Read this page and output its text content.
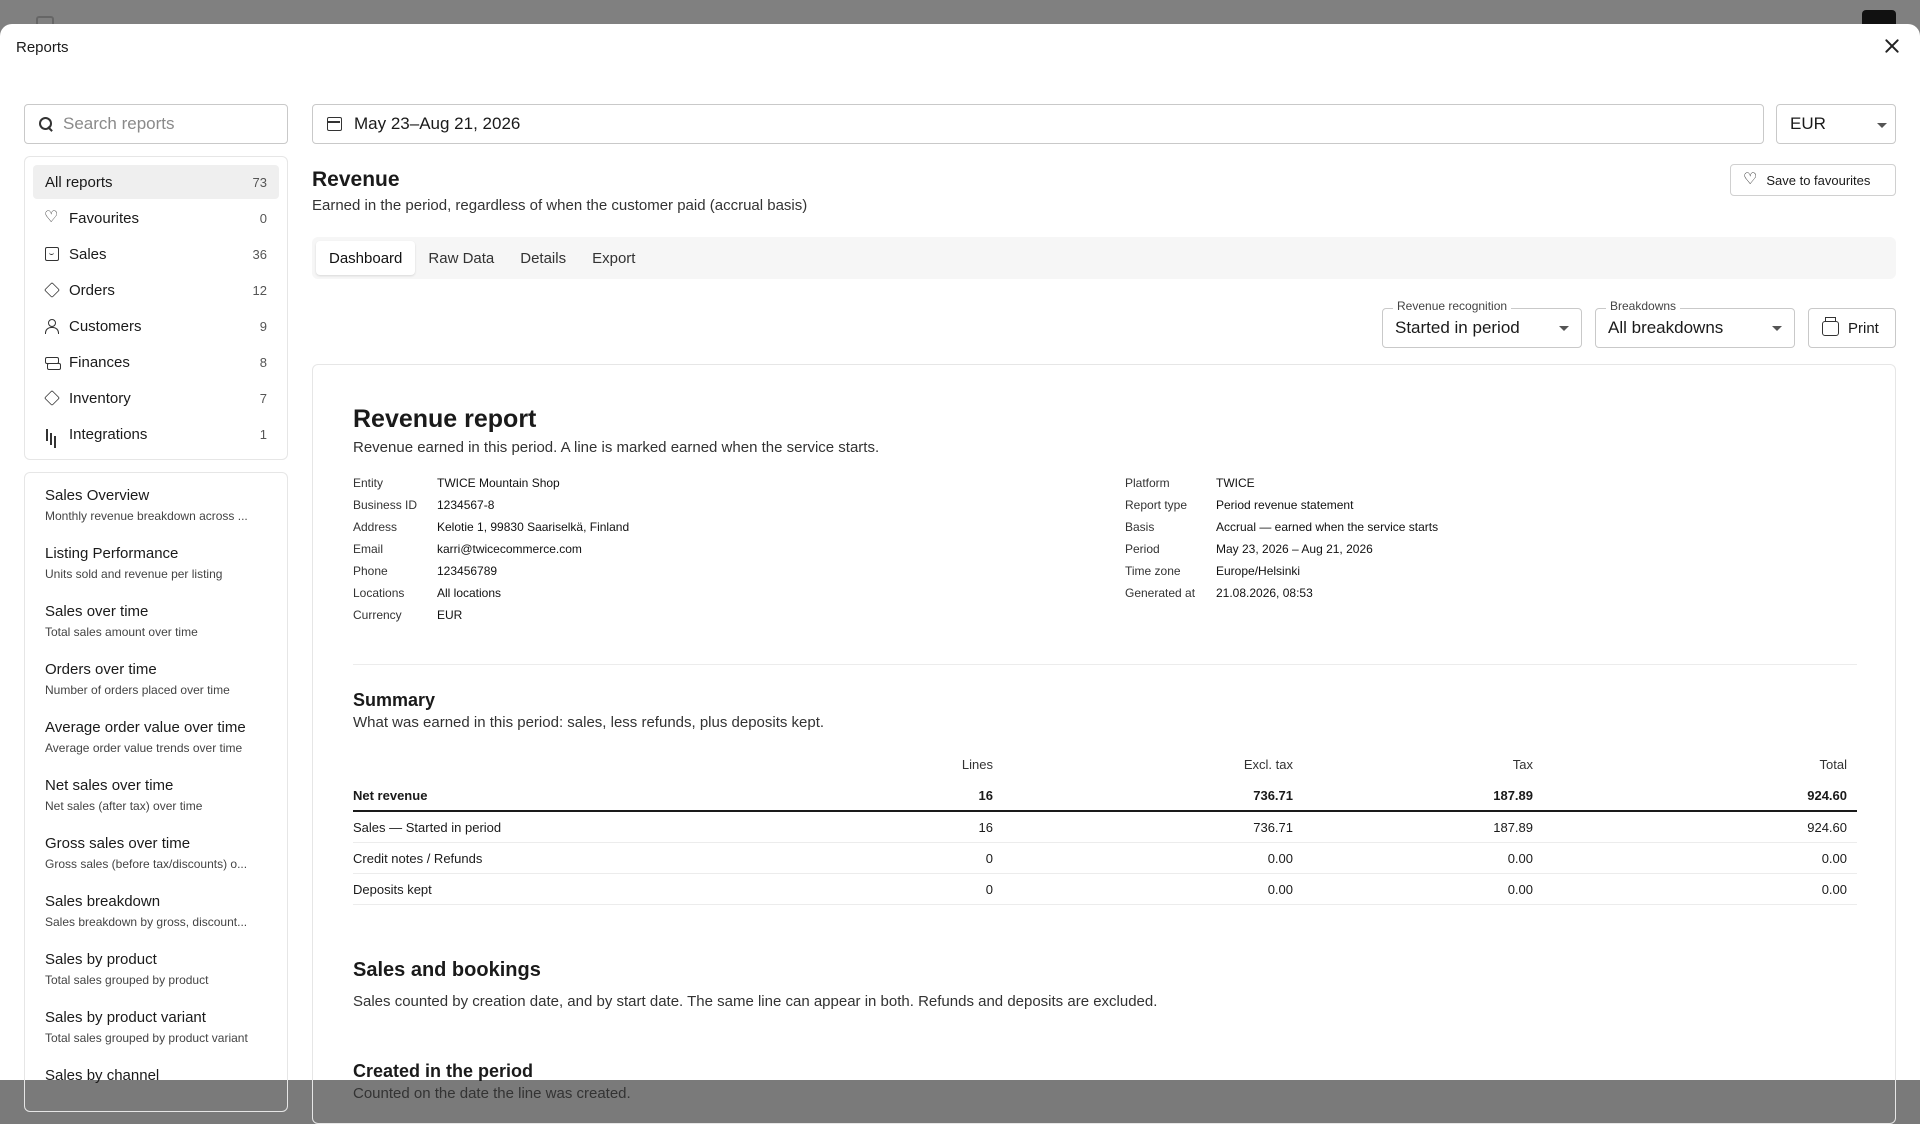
Reports
Search reports
All reports	73
♡
Favourites	0
Sales	36
Orders	12
Customers	9
Finances	8
Inventory	7
Integrations	1
Sales Overview
Monthly revenue breakdown across ...
Listing Performance
Units sold and revenue per listing
Sales over time
Total sales amount over time
Orders over time
Number of orders placed over time
Average order value over time
Average order value trends over time
Net sales over time
Net sales (after tax) over time
Gross sales over time
Gross sales (before tax/discounts) o...
Sales breakdown
Sales breakdown by gross, discount...
Sales by product
Total sales grouped by product
Sales by product variant
Total sales grouped by product variant
Sales by channel
May 23–Aug 21, 2026	EUR
Revenue
Earned in the period, regardless of when the customer paid (accrual basis)
♡ Save to favourites
Dashboard	Raw Data	Details	Export
Revenue recognition
Started in period
Breakdowns
All breakdowns	Print
Revenue report
Revenue earned in this period. A line is marked earned when the service starts.
Entity	TWICE Mountain Shop
Business ID	1234567-8
Address	Kelotie 1, 99830 Saariselkä, Finland
Email	karri@twicecommerce.com
Phone	123456789
Locations	All locations
Currency	EUR
Platform	TWICE
Report type	Period revenue statement
Basis	Accrual — earned when the service starts
Period	May 23, 2026 – Aug 21, 2026
Time zone	Europe/Helsinki
Generated at	21.08.2026, 08:53
Summary
What was earned in this period: sales, less refunds, plus deposits kept.
Lines	Excl. tax	Tax	Total
Net revenue	16	736.71	187.89	924.60
Sales — Started in period	16	736.71	187.89	924.60
Credit notes / Refunds	0	0.00	0.00	0.00
Deposits kept	0	0.00	0.00	0.00
Sales and bookings
Sales counted by creation date, and by start date. The same line can appear in both. Refunds and deposits are excluded.
Created in the period
Counted on the date the line was created.
